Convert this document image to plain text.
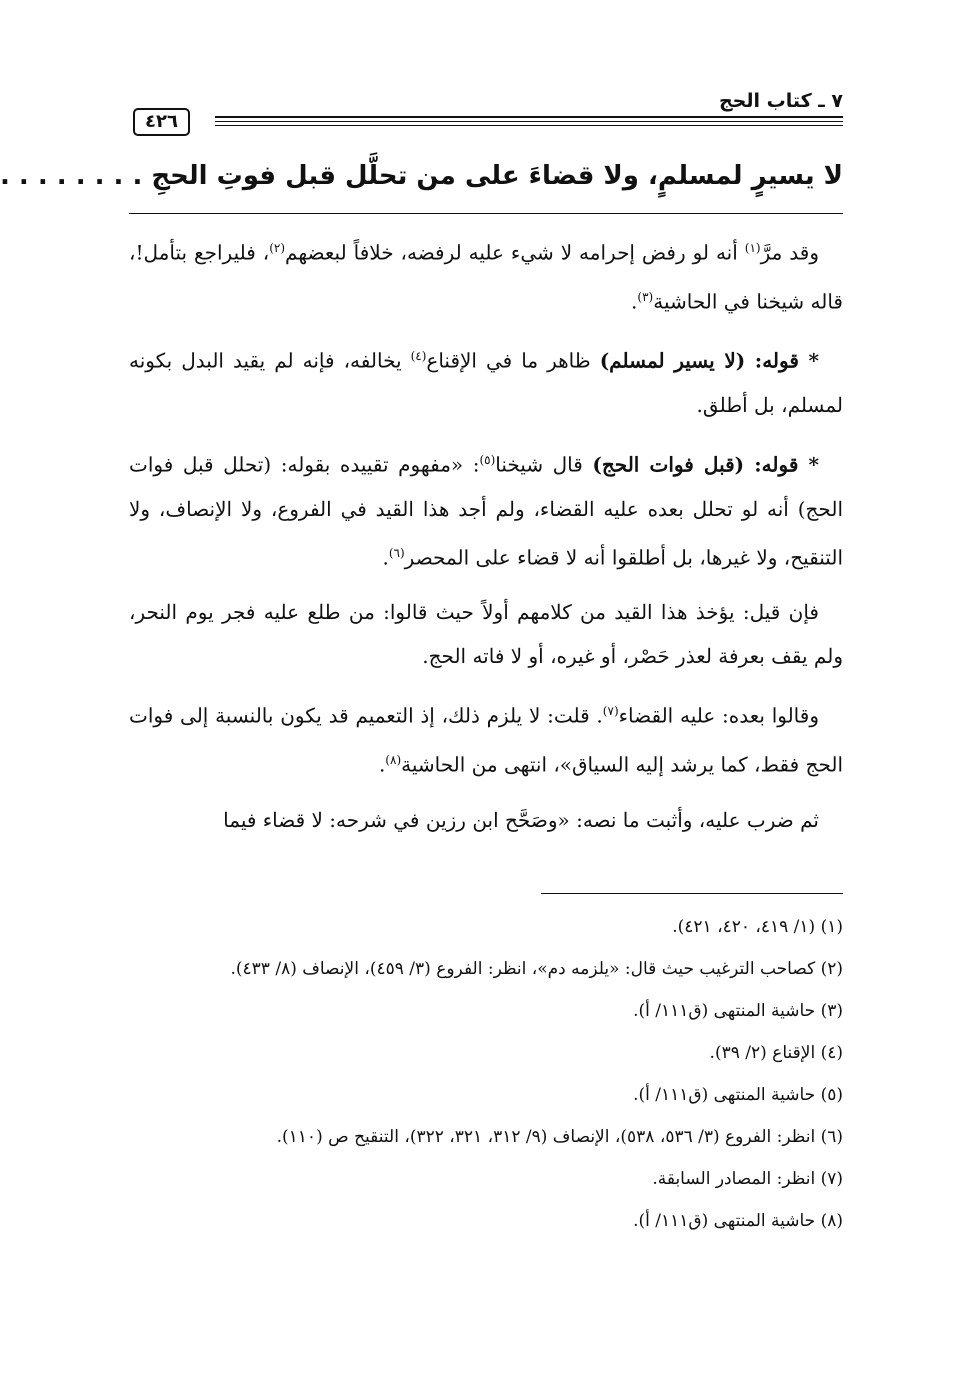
٧ ـ كتاب الحج
٤٢٦
لا يسيرٍ لمسلمٍ، ولا قضاءَ على من تحلَّل قبل فوتِ الحجِ . . . . . . . .

وقد مرَّ$^{(١)}$ أنه لو رفض إحرامه لا شيء عليه لرفضه، خلافاً لبعضهم$^{(٢)}$، فليراجع بتأمل!، قاله شيخنا في الحاشية$^{(٣)}$.

* قوله: (لا يسير لمسلم) ظاهر ما في الإقناع$^{(٤)}$ يخالفه، فإنه لم يقيد البدل بكونه لمسلم، بل أطلق.

* قوله: (قبل فوات الحج) قال شيخنا$^{(٥)}$: «مفهوم تقييده بقوله: (تحلل قبل فوات الحج) أنه لو تحلل بعده عليه القضاء، ولم أجد هذا القيد في الفروع، ولا الإنصاف، ولا التنقيح، ولا غيرها، بل أطلقوا أنه لا قضاء على المحصر$^{(٦)}$.

فإن قيل: يؤخذ هذا القيد من كلامهم أولاً حيث قالوا: من طلع عليه فجر يوم النحر، ولم يقف بعرفة لعذر حَصْر، أو غيره، أو لا فاته الحج.

وقالوا بعده: عليه القضاء$^{(٧)}$. قلت: لا يلزم ذلك، إذ التعميم قد يكون بالنسبة إلى فوات الحج فقط، كما يرشد إليه السياق»، انتهى من الحاشية$^{(٨)}$.

ثم ضرب عليه، وأثبت ما نصه: «وصَحَّح ابن رزين في شرحه: لا قضاء فيما

(١) (١/ ٤١٩، ٤٢٠، ٤٢١).

(٢) كصاحب الترغيب حيث قال: «يلزمه دم»، انظر: الفروع (٣/ ٤٥٩)، الإنصاف (٨/ ٤٣٣).

(٣) حاشية المنتهى (ق١١١/ أ).

(٤) الإقناع (٢/ ٣٩).

(٥) حاشية المنتهى (ق١١١/ أ).

(٦) انظر: الفروع (٣/ ٥٣٦، ٥٣٨)، الإنصاف (٩/ ٣١٢، ٣٢١، ٣٢٢)، التنقيح ص (١١٠).

(٧) انظر: المصادر السابقة.

(٨) حاشية المنتهى (ق١١١/ أ).
